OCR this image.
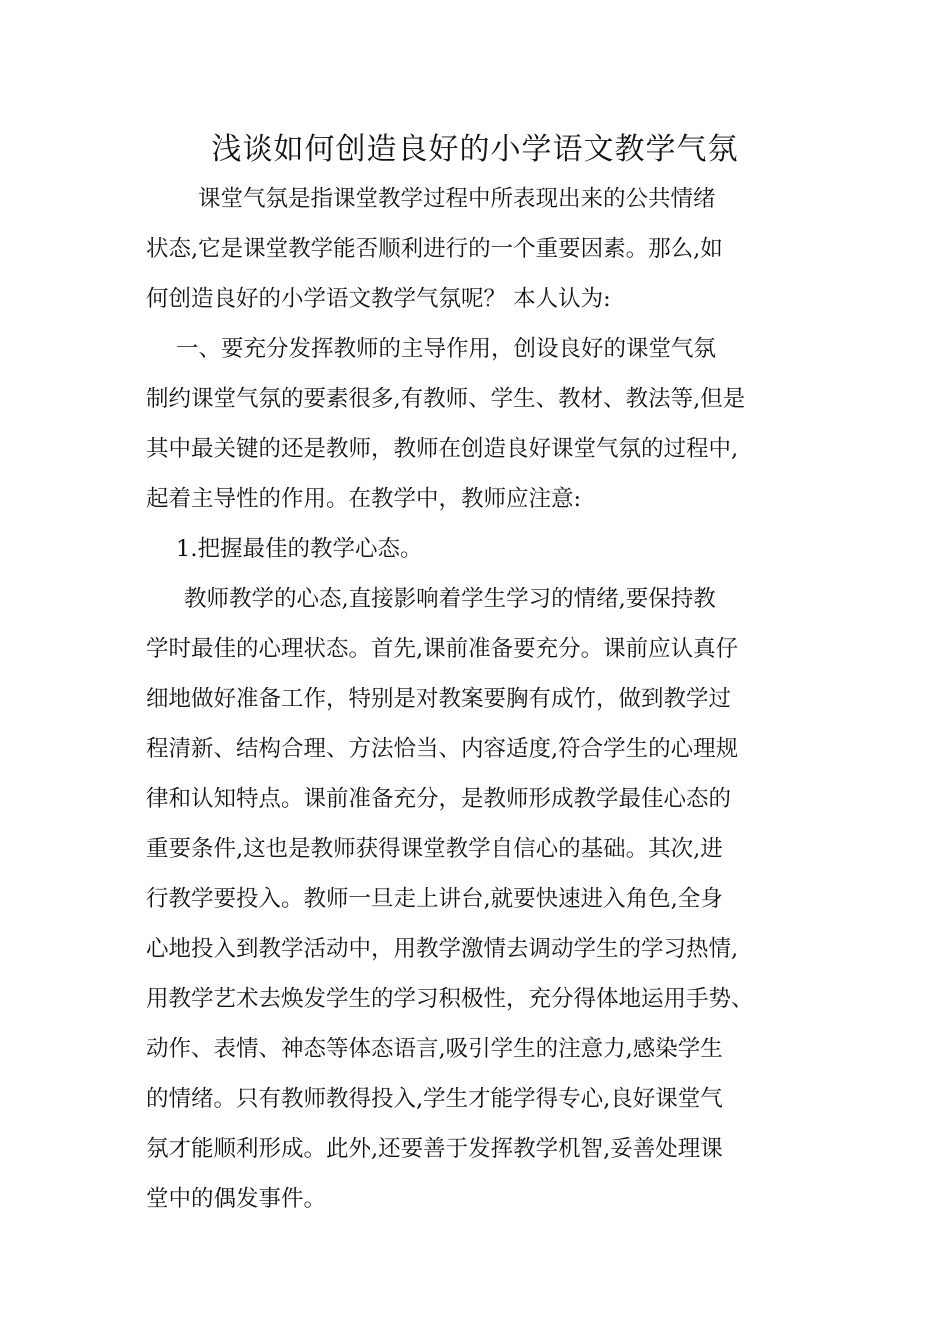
浅谈如何创造良好的小学语文教学气氛
课堂气氛是指课堂教学过程中所表现出来的公共情绪
状态,它是课堂教学能否顺利进行的一个重要因素。那么,如
何创造良好的小学语文教学气氛呢？ 本人认为:
一、要充分发挥教师的主导作用，创设良好的课堂气氛
制约课堂气氛的要素很多,有教师、学生、教材、教法等,但是
其中最关键的还是教师，教师在创造良好课堂气氛的过程中,
起着主导性的作用。在教学中，教师应注意:
1.把握最佳的教学心态。
教师教学的心态,直接影响着学生学习的情绪,要保持教
学时最佳的心理状态。首先,课前准备要充分。课前应认真仔
细地做好准备工作，特别是对教案要胸有成竹，做到教学过
程清新、结构合理、方法恰当、内容适度,符合学生的心理规
律和认知特点。课前准备充分，是教师形成教学最佳心态的
重要条件,这也是教师获得课堂教学自信心的基础。其次,进
行教学要投入。教师一旦走上讲台,就要快速进入角色,全身
心地投入到教学活动中，用教学激情去调动学生的学习热情,
用教学艺术去焕发学生的学习积极性，充分得体地运用手势、
动作、表情、神态等体态语言,吸引学生的注意力,感染学生
的情绪。只有教师教得投入,学生才能学得专心,良好课堂气
氛才能顺利形成。此外,还要善于发挥教学机智,妥善处理课
堂中的偶发事件。
